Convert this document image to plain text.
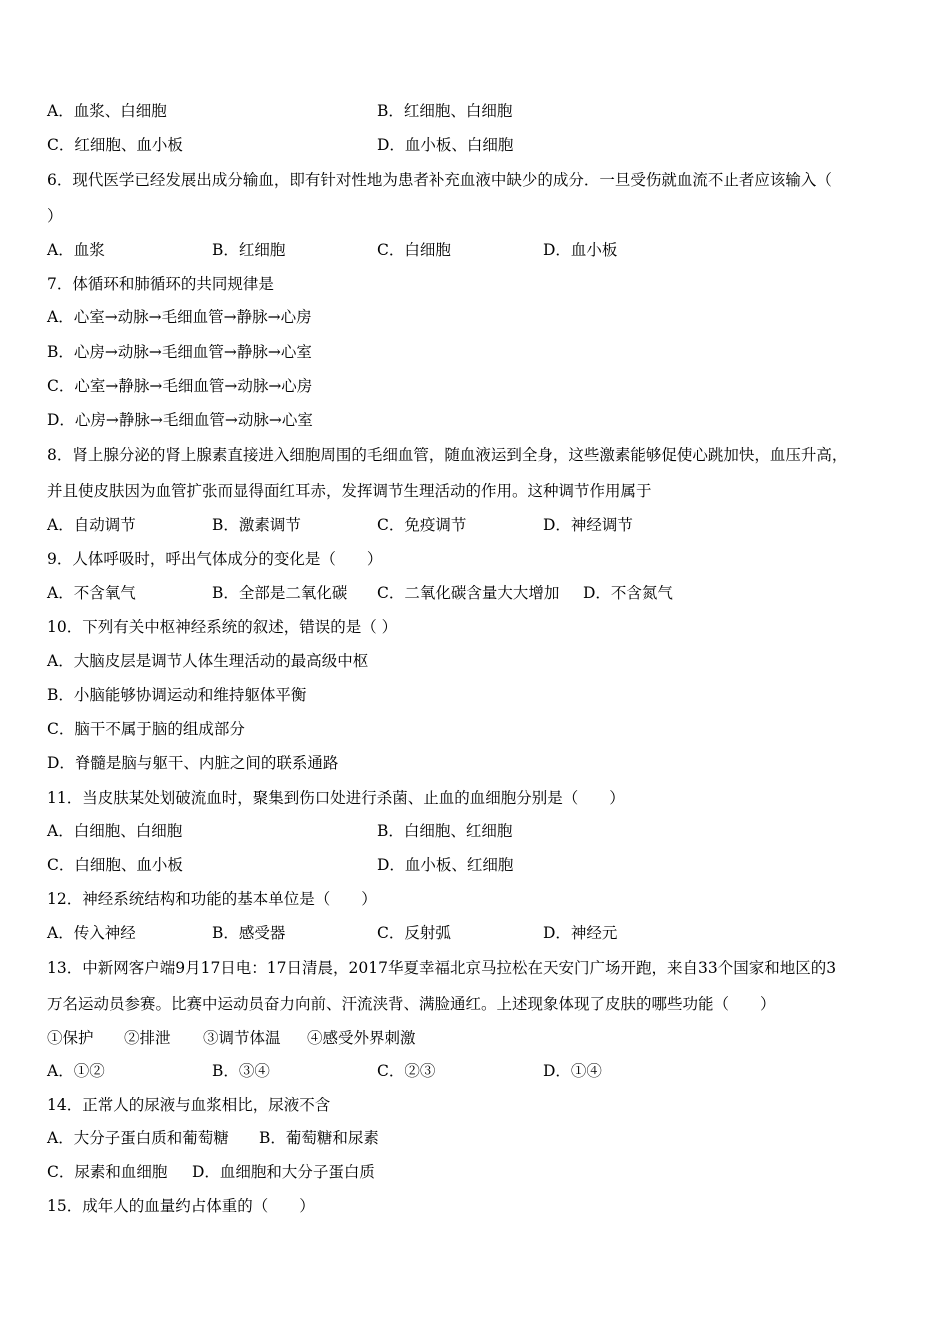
A．血浆、白细胞	B．红细胞、白细胞
C．红细胞、血小板	D．血小板、白细胞
6．现代医学已经发展出成分输血，即有针对性地为患者补充血液中缺少的成分．一旦受伤就血流不止者应该输入（
）
A．血浆	B．红细胞	C．白细胞	D．血小板
7．体循环和肺循环的共同规律是
A．心室→动脉→毛细血管→静脉→心房
B．心房→动脉→毛细血管→静脉→心室
C．心室→静脉→毛细血管→动脉→心房
D．心房→静脉→毛细血管→动脉→心室
8．肾上腺分泌的肾上腺素直接进入细胞周围的毛细血管，随血液运到全身，这些激素能够促使心跳加快，血压升高，
并且使皮肤因为血管扩张而显得面红耳赤，发挥调节生理活动的作用。这种调节作用属于
A．自动调节	B．激素调节	C．免疫调节	D．神经调节
9．人体呼吸时，呼出气体成分的变化是（　　）
A．不含氧气	B．全部是二氧化碳 C．二氧化碳含量大大增加 D．不含氮气
10．下列有关中枢神经系统的叙述，错误的是（ ）
A．大脑皮层是调节人体生理活动的最高级中枢
B．小脑能够协调运动和维持躯体平衡
C．脑干不属于脑的组成部分
D．脊髓是脑与躯干、内脏之间的联系通路
11．当皮肤某处划破流血时，聚集到伤口处进行杀菌、止血的血细胞分别是（　　）
A．白细胞、白细胞	B．白细胞、红细胞
C．白细胞、血小板	D．血小板、红细胞
12．神经系统结构和功能的基本单位是（　　）
A．传入神经	B．感受器	C．反射弧	D．神经元
13．中新网客户端9月17日电：17日清晨，2017华夏幸福北京马拉松在天安门广场开跑，来自33个国家和地区的3
万名运动员参赛。比赛中运动员奋力向前、汗流浃背、满脸通红。上述现象体现了皮肤的哪些功能（　　）
①保护 ②排泄 ③调节体温 ④感受外界刺激
A．①②	B．③④	C．②③	D．①④
14．正常人的尿液与血浆相比，尿液不含
A．大分子蛋白质和葡萄糖 B．葡萄糖和尿素
C．尿素和血细胞 D．血细胞和大分子蛋白质
15．成年人的血量约占体重的（　　）
